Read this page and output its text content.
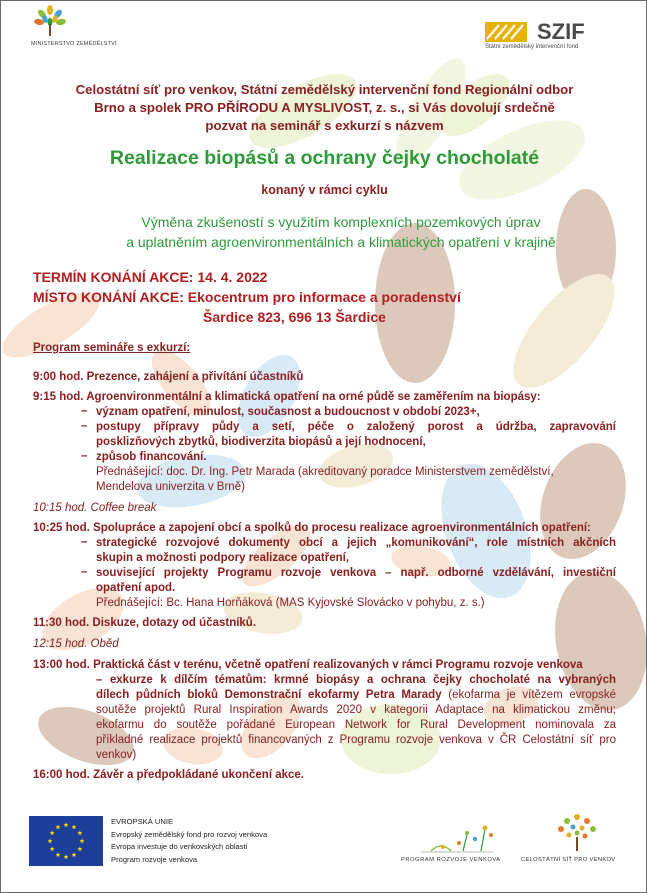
MINISTERSTVO ZEMĚDĚLSTVÍ	SZIF
Státní zemědělský intervenční fond
Celostátní síť pro venkov, Státní zemědělský intervenční fond Regionální odbor
Brno a spolek PRO PŘÍRODU A MYSLIVOST, z. s., si Vás dovolují srdečně
pozvat na seminář s exkurzí s názvem
Realizace biopásů a ochrany čejky chocholaté
konaný v rámci cyklu
Výměna zkušeností s využitím komplexních pozemkových úprav
a uplatněním agroenvironmentálních a klimatických opatření v krajině
TERMÍN KONÁNÍ AKCE: 14. 4. 2022
MÍSTO KONÁNÍ AKCE: Ekocentrum pro informace a poradenství
Šardice 823, 696 13 Šardice
Program semináře s exkurzí:
9:00 hod. Prezence, zahájení a přivítání účastníků
9:15 hod. Agroenvironmentální a klimatická opatření na orné půdě se zaměřením na biopásy:
– význam opatření, minulost, současnost a budoucnost v období 2023+,
– postupy přípravy půdy a setí, péče o založený porost a údržba, zapravování
posklizňových zbytků, biodiverzita biopásů a její hodnocení,
– způsob financování.
Přednášející: doc. Dr. Ing. Petr Marada (akreditovaný poradce Ministerstvem zemědělství,
Mendelova univerzita v Brně)
10:15 hod. Coffee break
10:25 hod. Spolupráce a zapojení obcí a spolků do procesu realizace agroenvironmentálních opatření:
– strategické rozvojové dokumenty obcí a jejich „komunikování“, role místních akčních
skupin a možnosti podpory realizace opatření,
– související projekty Programu rozvoje venkova – např. odborné vzdělávání, investiční
opatření apod.
Přednášející: Bc. Hana Horňáková (MAS Kyjovské Slovácko v pohybu, z. s.)
11:30 hod. Diskuze, dotazy od účastníků.
12:15 hod. Oběd
13:00 hod. Praktická část v terénu, včetně opatření realizovaných v rámci Programu rozvoje venkova
– exkurze k dílčím tématům: krmné biopásy a ochrana čejky chocholaté na vybraných
dílech půdních bloků Demonstrační ekofarmy Petra Marady (ekofarma je vítězem evropské
soutěže projektů Rural Inspiration Awards 2020 v kategorii Adaptace na klimatickou změnu;
ekofarmu do soutěže pořádané European Network for Rural Development nominovala za
příkladné realizace projektů financovaných z Programu rozvoje venkova v ČR Celostátní síť pro
venkov)
16:00 hod. Závěr a předpokládané ukončení akce.
EVROPSKÁ UNIE
Evropský zemědělský fond pro rozvoj venkova
Evropa investuje do venkovských oblastí
Program rozvoje venkova	PROGRAM ROZVOJE VENKOVA	CELOSTÁTNÍ SÍŤ PRO VENKOV
